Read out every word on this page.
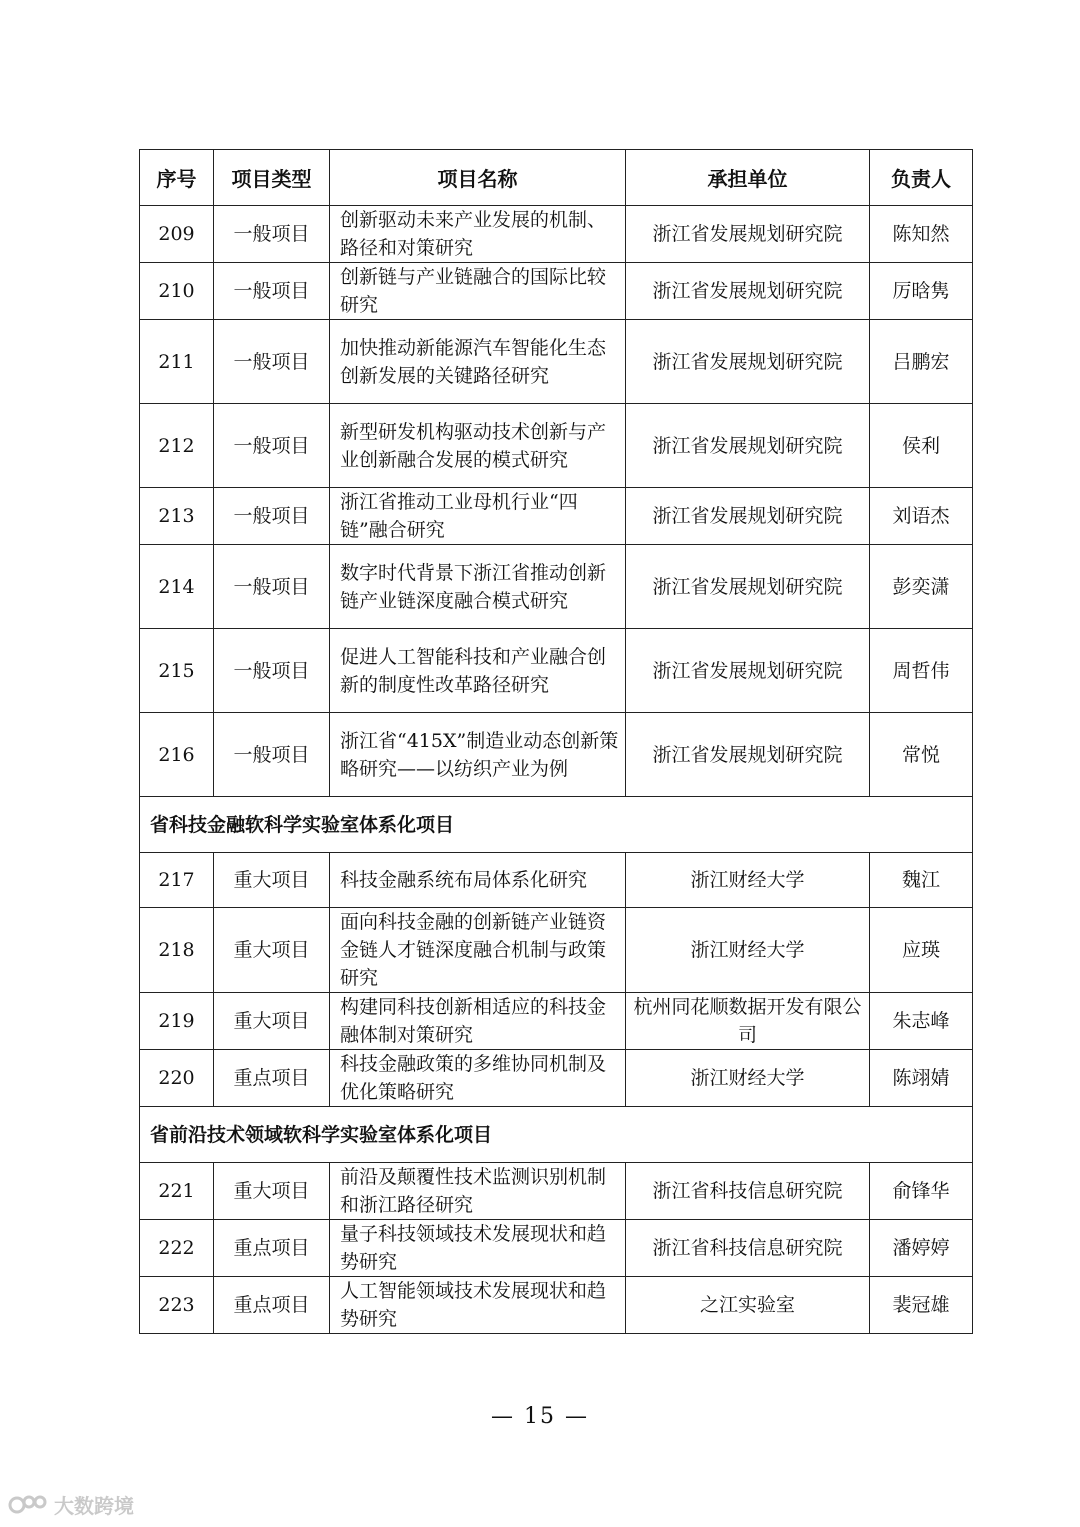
序号	项目类型	项目名称	承担单位	负责人
209	一般项目	创新驱动未来产业发展的机制、路径和对策研究	浙江省发展规划研究院	陈知然
210	一般项目	创新链与产业链融合的国际比较研究	浙江省发展规划研究院	厉晗隽
211	一般项目	加快推动新能源汽车智能化生态创新发展的关键路径研究	浙江省发展规划研究院	吕鹏宏
212	一般项目	新型研发机构驱动技术创新与产业创新融合发展的模式研究	浙江省发展规划研究院	侯利
213	一般项目	浙江省推动工业母机行业“四链”融合研究	浙江省发展规划研究院	刘语杰
214	一般项目	数字时代背景下浙江省推动创新链产业链深度融合模式研究	浙江省发展规划研究院	彭奕潇
215	一般项目	促进人工智能科技和产业融合创新的制度性改革路径研究	浙江省发展规划研究院	周哲伟
216	一般项目	浙江省“415X”制造业动态创新策略研究——以纺织产业为例	浙江省发展规划研究院	常悦
省科技金融软科学实验室体系化项目				
217	重大项目	科技金融系统布局体系化研究	浙江财经大学	魏江
218	重大项目	面向科技金融的创新链产业链资金链人才链深度融合机制与政策研究	浙江财经大学	应瑛
219	重大项目	构建同科技创新相适应的科技金融体制对策研究	杭州同花顺数据开发有限公司	朱志峰
220	重点项目	科技金融政策的多维协同机制及优化策略研究	浙江财经大学	陈翊婧
省前沿技术领域软科学实验室体系化项目				
221	重大项目	前沿及颠覆性技术监测识别机制和浙江路径研究	浙江省科技信息研究院	俞锋华
222	重点项目	量子科技领域技术发展现状和趋势研究	浙江省科技信息研究院	潘婷婷
223	重点项目	人工智能领域技术发展现状和趋势研究	之江实验室	裴冠雄
— 15 —
大数跨境
